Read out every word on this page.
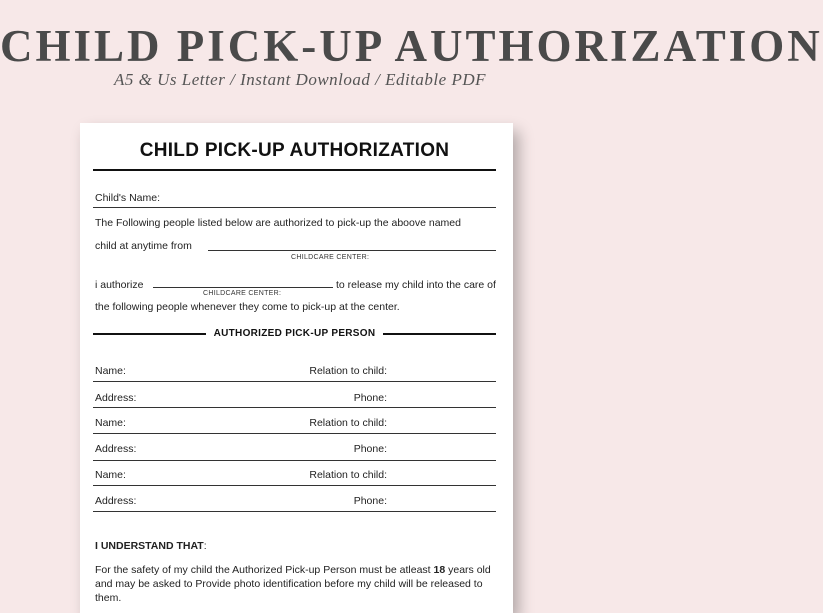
CHILD PICK-UP AUTHORIZATION
A5 & Us Letter / Instant Download / Editable PDF
CHILD PICK-UP AUTHORIZATION
Child's Name:
The Following people listed below are authorized to pick-up the aboove named
child at anytime from
CHILDCARE CENTER:
i authorize	to release my child into the care of
CHILDCARE CENTER:
the following people whenever they come to pick-up at the center.
AUTHORIZED PICK-UP PERSON
Name:	Relation to child:
Address:	Phone:
Name:	Relation to child:
Address:	Phone:
Name:	Relation to child:
Address:	Phone:
I UNDERSTAND THAT:
For the safety of my child the Authorized Pick-up Person must be atleast 18 years old
and may be asked to Provide photo identification before my child will be released to them.
